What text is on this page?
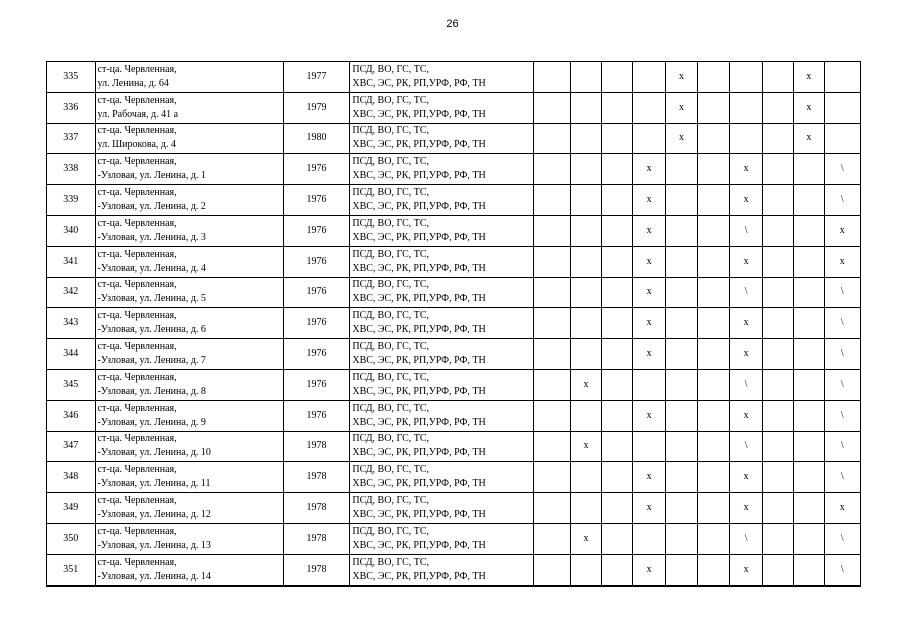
26
335	ст-ца. Червленная,
ул. Ленина, д. 64	1977	ПСД, ВО, ГС, ТС,
ХВС, ЭС, РК, РП,УРФ, РФ, ТН					x				x	
336	ст-ца. Червленная,
ул. Рабочая, д. 41 а	1979	ПСД, ВО, ГС, ТС,
ХВС, ЭС, РК, РП,УРФ, РФ, ТН					x				x	
337	ст-ца. Червленная,
ул. Широкова, д. 4	1980	ПСД, ВО, ГС, ТС,
ХВС, ЭС, РК, РП,УРФ, РФ, ТН					x				x	
338	ст-ца. Червленная,
-Узловая, ул. Ленина, д. 1	1976	ПСД, ВО, ГС, ТС,
ХВС, ЭС, РК, РП,УРФ, РФ, ТН				x			x			\
339	ст-ца. Червленная,
-Узловая, ул. Ленина, д. 2	1976	ПСД, ВО, ГС, ТС,
ХВС, ЭС, РК, РП,УРФ, РФ, ТН				x			x			\
340	ст-ца. Червленная,
-Узловая, ул. Ленина, д. 3	1976	ПСД, ВО, ГС, ТС,
ХВС, ЭС, РК, РП,УРФ, РФ, ТН				x			\			x
341	ст-ца. Червленная,
-Узловая, ул. Ленина, д. 4	1976	ПСД, ВО, ГС, ТС,
ХВС, ЭС, РК, РП,УРФ, РФ, ТН				x			x			x
342	ст-ца. Червленная,
-Узловая, ул. Ленина, д. 5	1976	ПСД, ВО, ГС, ТС,
ХВС, ЭС, РК, РП,УРФ, РФ, ТН				x			\			\
343	ст-ца. Червленная,
-Узловая, ул. Ленина, д. 6	1976	ПСД, ВО, ГС, ТС,
ХВС, ЭС, РК, РП,УРФ, РФ, ТН				x			x			\
344	ст-ца. Червленная,
-Узловая, ул. Ленина, д. 7	1976	ПСД, ВО, ГС, ТС,
ХВС, ЭС, РК, РП,УРФ, РФ, ТН				x			x			\
345	ст-ца. Червленная,
-Узловая, ул. Ленина, д. 8	1976	ПСД, ВО, ГС, ТС,
ХВС, ЭС, РК, РП,УРФ, РФ, ТН		x					\			\
346	ст-ца. Червленная,
-Узловая, ул. Ленина, д. 9	1976	ПСД, ВО, ГС, ТС,
ХВС, ЭС, РК, РП,УРФ, РФ, ТН				x			x			\
347	ст-ца. Червленная,
-Узловая, ул. Ленина, д. 10	1978	ПСД, ВО, ГС, ТС,
ХВС, ЭС, РК, РП,УРФ, РФ, ТН		x					\			\
348	ст-ца. Червленная,
-Узловая, ул. Ленина, д. 11	1978	ПСД, ВО, ГС, ТС,
ХВС, ЭС, РК, РП,УРФ, РФ, ТН				x			x			\
349	ст-ца. Червленная,
-Узловая, ул. Ленина, д. 12	1978	ПСД, ВО, ГС, ТС,
ХВС, ЭС, РК, РП,УРФ, РФ, ТН				x			x			x
350	ст-ца. Червленная,
-Узловая, ул. Ленина, д. 13	1978	ПСД, ВО, ГС, ТС,
ХВС, ЭС, РК, РП,УРФ, РФ, ТН		x					\			\
351	ст-ца. Червленная,
-Узловая, ул. Ленина, д. 14	1978	ПСД, ВО, ГС, ТС,
ХВС, ЭС, РК, РП,УРФ, РФ, ТН				x			x			\
